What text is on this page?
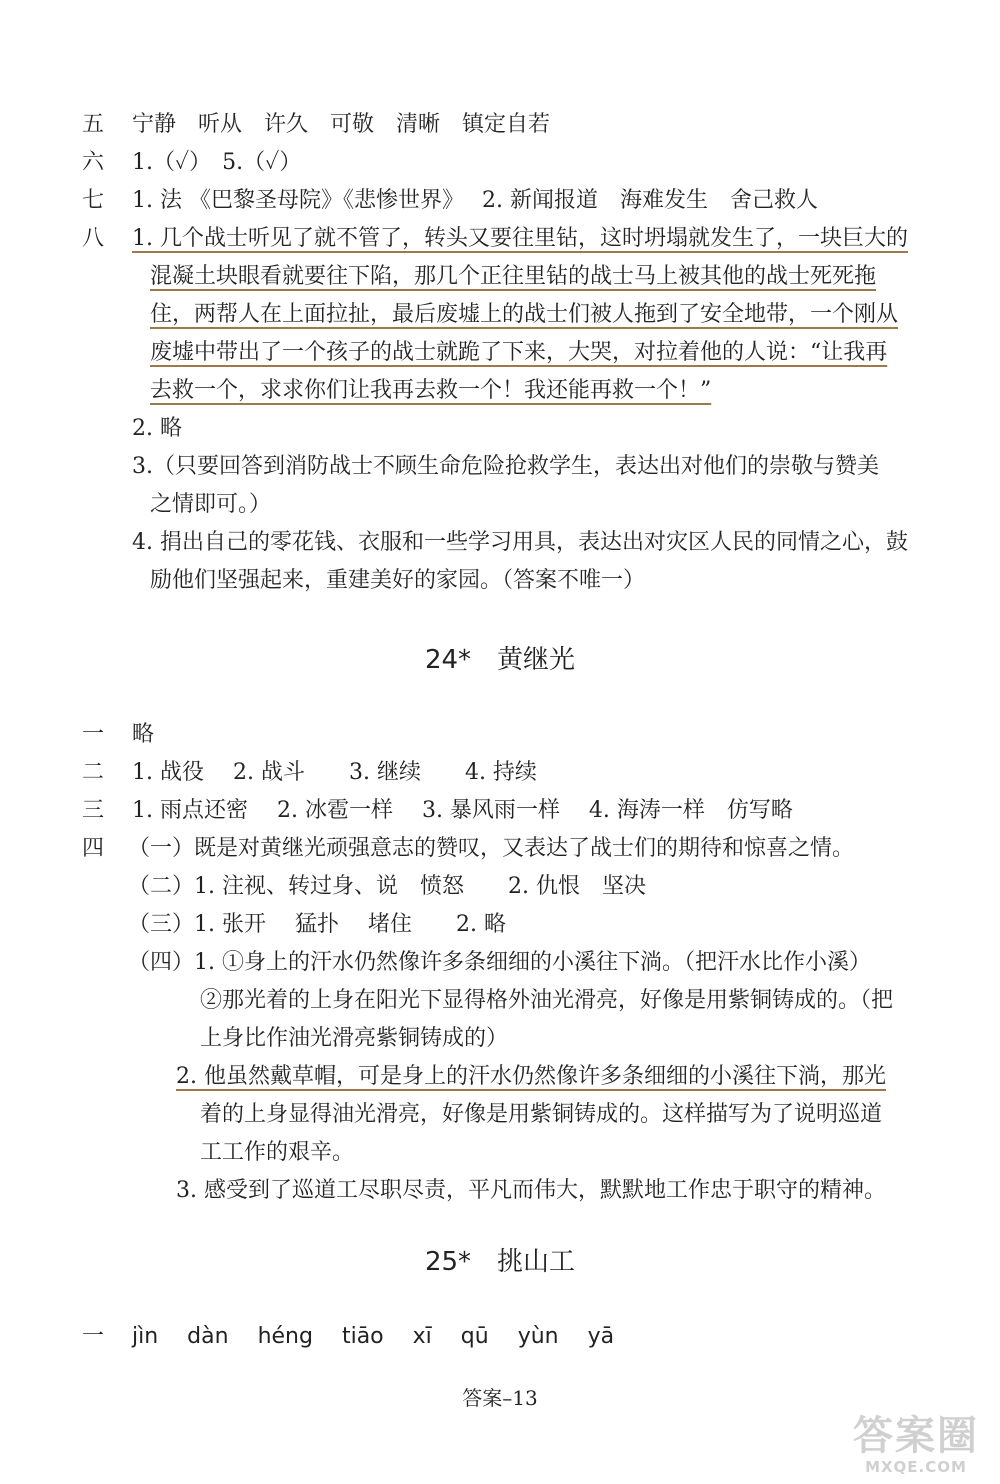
五 宁静　听从　许久　可敬　清晰　镇定自若
六 1.（✓）　5.（✓）
七 1. 法 《巴黎圣母院》《悲惨世界》　 2. 新闻报道　海难发生　舍己救人
八 1. 几个战士听见了就不管了，转头又要往里钻，这时坍塌就发生了，一块巨大的
混凝土块眼看就要往下陷，那几个正往里钻的战士马上被其他的战士死死拖
住，两帮人在上面拉扯，最后废墟上的战士们被人拖到了安全地带，一个刚从
废墟中带出了一个孩子的战士就跪了下来，大哭，对拉着他的人说：“让我再
去救一个，求求你们让我再去救一个！我还能再救一个！”
2. 略
3.（只要回答到消防战士不顾生命危险抢救学生，表达出对他们的崇敬与赞美
之情即可。）
4. 捐出自己的零花钱、衣服和一些学习用具，表达出对灾区人民的同情之心，鼓
励他们坚强起来，重建美好的家园。（答案不唯一）
24*　黄继光
一 略
二 1. 战役　 2. 战斗　　3. 继续　　4. 持续
三 1. 雨点还密　 2. 冰雹一样　 3. 暴风雨一样　 4. 海涛一样　仿写略
四 （一）既是对黄继光顽强意志的赞叹，又表达了战士们的期待和惊喜之情。
（二）1. 注视、转过身、说　愤怒　　2. 仇恨　坚决
（三）1. 张开　 猛扑　 堵住　　2. 略
（四）1. ①身上的汗水仍然像许多条细细的小溪往下淌。（把汗水比作小溪）
②那光着的上身在阳光下显得格外油光滑亮，好像是用紫铜铸成的。（把
上身比作油光滑亮紫铜铸成的）
2. 他虽然戴草帽，可是身上的汗水仍然像许多条细细的小溪往下淌，那光
着的上身显得油光滑亮，好像是用紫铜铸成的。这样描写为了说明巡道
工工作的艰辛。
3. 感受到了巡道工尽职尽责，平凡而伟大，默默地工作忠于职守的精神。
25*　挑山工
一 jìn dàn héng tiāo xī qū yùn yā
答案–13
答案圈
MXQE.COM
